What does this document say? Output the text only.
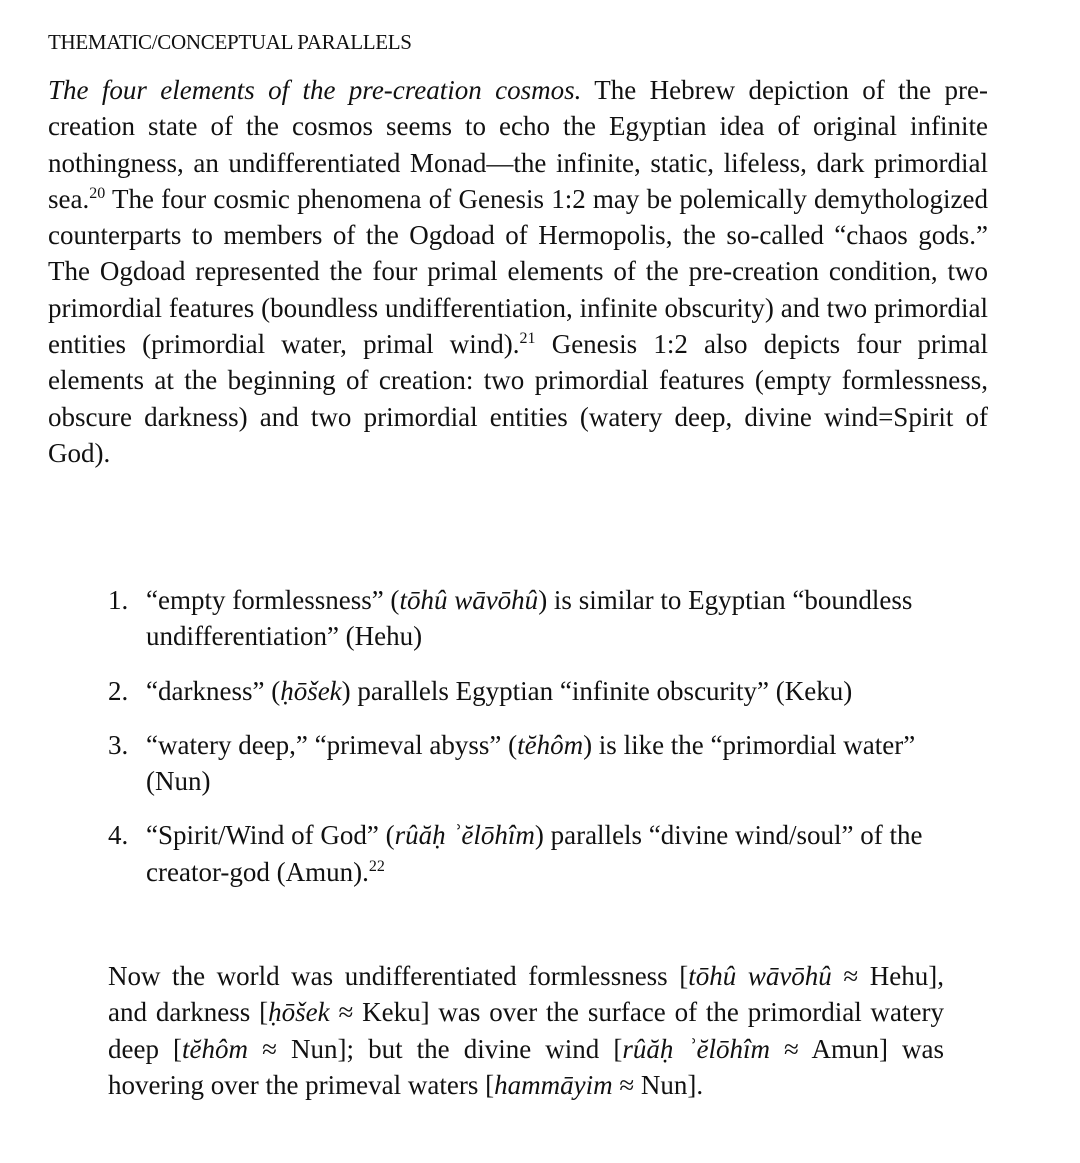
THEMATIC/CONCEPTUAL PARALLELS
The four elements of the pre-creation cosmos. The Hebrew depiction of the pre-creation state of the cosmos seems to echo the Egyptian idea of original infinite nothingness, an undifferentiated Monad—the infinite, static, lifeless, dark primordial sea.$^{20}$ The four cosmic phenomena of Genesis 1:2 may be polemically demythologized counterparts to members of the Ogdoad of Hermopolis, the so-called “chaos gods.” The Ogdoad represented the four primal elements of the pre-creation condition, two primordial features (boundless undifferentiation, infinite obscurity) and two primordial entities (primordial water, primal wind).$^{21}$ Genesis 1:2 also depicts four primal elements at the beginning of creation: two primordial features (empty formlessness, obscure darkness) and two primordial entities (watery deep, divine wind=Spirit of God).
1. “empty formlessness” (tōhû wāvōhû) is similar to Egyptian “boundless undifferentiation” (Hehu)
2. “darkness” (ḥōšek) parallels Egyptian “infinite obscurity” (Keku)
3. “watery deep,” “primeval abyss” (tĕhôm) is like the “primordial water” (Nun)
4. “Spirit/Wind of God” (rûăḥ ʾĕlōhîm) parallels “divine wind/soul” of the creator-god (Amun).$^{22}$
Now the world was undifferentiated formlessness [tōhû wāvōhû ≈ Hehu], and darkness [ḥōšek ≈ Keku] was over the surface of the primordial watery deep [tĕhôm ≈ Nun]; but the divine wind [rûăḥ ʾĕlōhîm ≈ Amun] was hovering over the primeval waters [hammāyim ≈ Nun].
